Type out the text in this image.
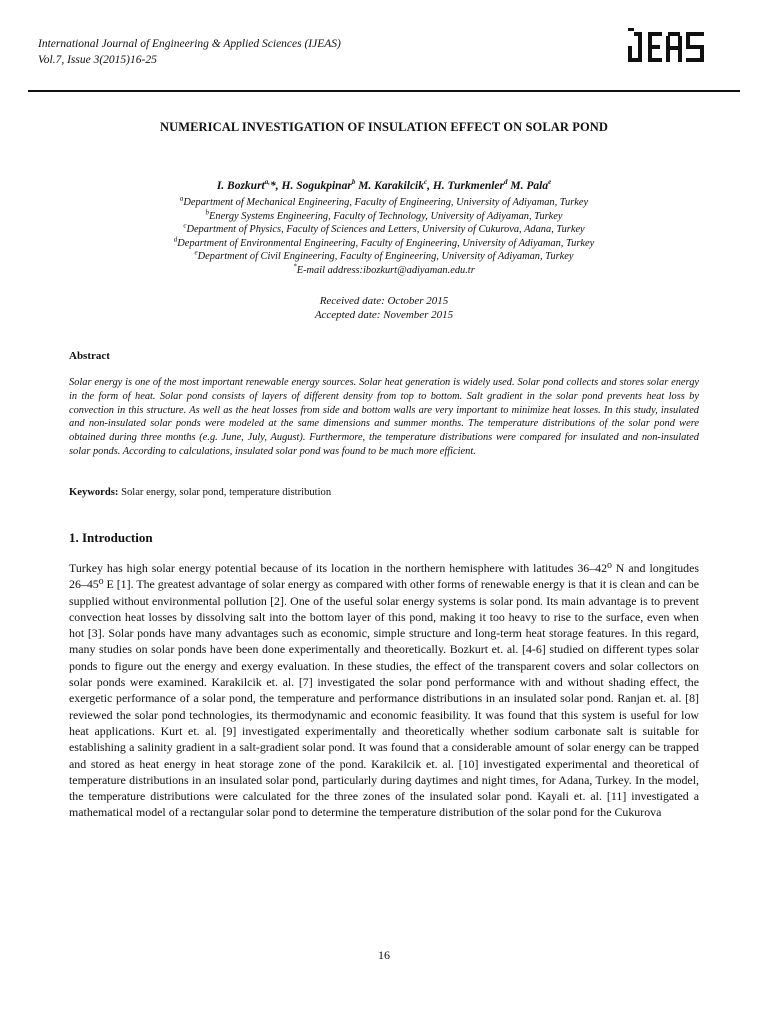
International Journal of Engineering & Applied Sciences (IJEAS)
Vol.7, Issue 3(2015)16-25
NUMERICAL INVESTIGATION OF INSULATION EFFECT ON SOLAR POND
I. Bozkurt$^{a,}$*, H. Sogukpinar$^b$ M. Karakilcik$^c$, H. Turkmenler$^d$ M. Pala$^e$
$^a$Department of Mechanical Engineering, Faculty of Engineering, University of Adiyaman, Turkey
$^b$Energy Systems Engineering, Faculty of Technology, University of Adiyaman, Turkey
$^c$Department of Physics, Faculty of Sciences and Letters, University of Cukurova, Adana, Turkey
$^d$Department of Environmental Engineering, Faculty of Engineering, University of Adiyaman, Turkey
$^e$Department of Civil Engineering, Faculty of Engineering, University of Adiyaman, Turkey
*E-mail address:ibozkurt@adiyaman.edu.tr
Received date: October 2015
Accepted date: November 2015
Abstract
Solar energy is one of the most important renewable energy sources. Solar heat generation is widely used. Solar pond collects and stores solar energy in the form of heat. Solar pond consists of layers of different density from top to bottom. Salt gradient in the solar pond prevents heat loss by convection in this structure. As well as the heat losses from side and bottom walls are very important to minimize heat losses. In this study, insulated and non-insulated solar ponds were modeled at the same dimensions and summer months. The temperature distributions of the solar pond were obtained during three months (e.g. June, July, August). Furthermore, the temperature distributions were compared for insulated and non-insulated solar ponds. According to calculations, insulated solar pond was found to be much more efficient.
Keywords: Solar energy, solar pond, temperature distribution
1. Introduction
Turkey has high solar energy potential because of its location in the northern hemisphere with latitudes 36–42⁰ N and longitudes 26–45⁰ E [1]. The greatest advantage of solar energy as compared with other forms of renewable energy is that it is clean and can be supplied without environmental pollution [2]. One of the useful solar energy systems is solar pond. Its main advantage is to prevent convection heat losses by dissolving salt into the bottom layer of this pond, making it too heavy to rise to the surface, even when hot [3]. Solar ponds have many advantages such as economic, simple structure and long-term heat storage features. In this regard, many studies on solar ponds have been done experimentally and theoretically. Bozkurt et. al. [4-6] studied on different types solar ponds to figure out the energy and exergy evaluation. In these studies, the effect of the transparent covers and solar collectors on solar ponds were examined. Karakilcik et. al. [7] investigated the solar pond performance with and without shading effect, the exergetic performance of a solar pond, the temperature and performance distributions in an insulated solar pond. Ranjan et. al. [8] reviewed the solar pond technologies, its thermodynamic and economic feasibility. It was found that this system is useful for low heat applications. Kurt et. al. [9] investigated experimentally and theoretically whether sodium carbonate salt is suitable for establishing a salinity gradient in a salt-gradient solar pond. It was found that a considerable amount of solar energy can be trapped and stored as heat energy in heat storage zone of the pond. Karakilcik et. al. [10] investigated experimental and theoretical of temperature distributions in an insulated solar pond, particularly during daytimes and night times, for Adana, Turkey. In the model, the temperature distributions were calculated for the three zones of the insulated solar pond. Kayali et. al. [11] investigated a mathematical model of a rectangular solar pond to determine the temperature distribution of the solar pond for the Cukurova
16
